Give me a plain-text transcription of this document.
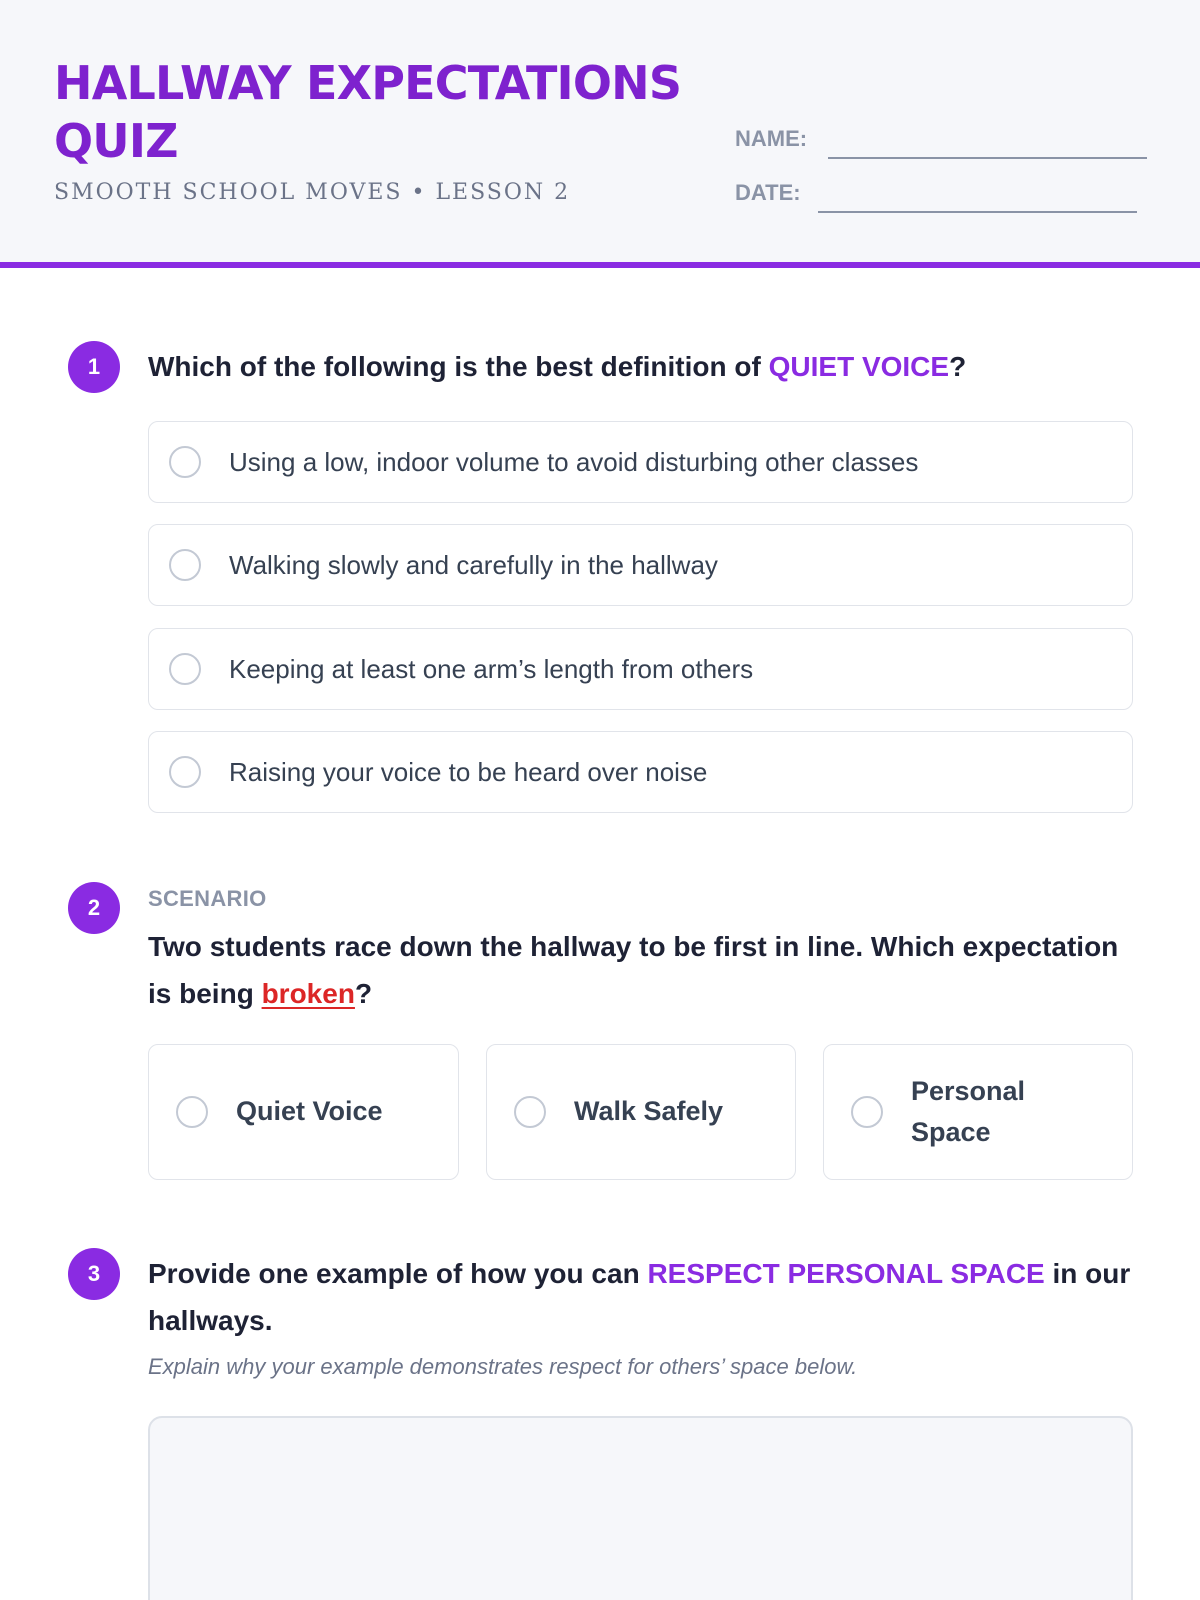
HALLWAY EXPECTATIONS QUIZ
SMOOTH SCHOOL MOVES • LESSON 2
NAME:
DATE:
1	Which of the following is the best definition of QUIET VOICE?

Using a low, indoor volume to avoid disturbing other classes
Walking slowly and carefully in the hallway
Keeping at least one arm’s length from others
Raising your voice to be heard over noise
2	SCENARIO

Two students race down the hallway to be first in line. Which expectation is being broken?

Quiet Voice	Walk Safely
Personal Space
3	Provide one example of how you can RESPECT PERSONAL SPACE in our hallways.

Explain why your example demonstrates respect for others’ space below.
